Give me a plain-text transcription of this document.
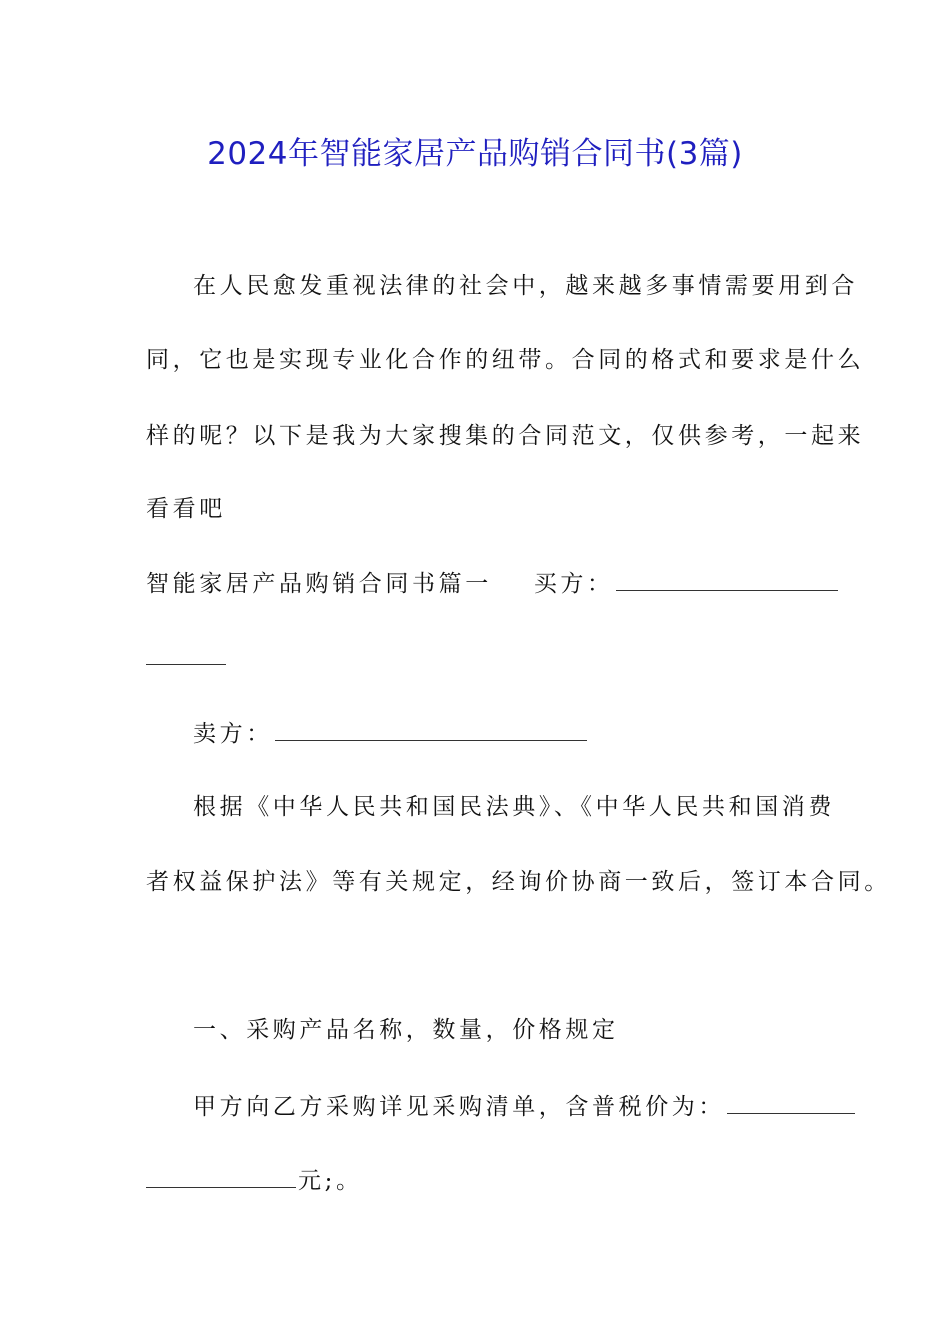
2024年智能家居产品购销合同书(3篇)
在人民愈发重视法律的社会中，越来越多事情需要用到合
同，它也是实现专业化合作的纽带。合同的格式和要求是什么
样的呢？以下是我为大家搜集的合同范文，仅供参考，一起来
看看吧
智能家居产品购销合同书篇一 买方：
卖方：
根据《中华人民共和国民法典》、《中华人民共和国消费
者权益保护法》等有关规定，经询价协商一致后，签订本合同。
一、采购产品名称，数量，价格规定
甲方向乙方采购详见采购清单，含普税价为：
元;。
